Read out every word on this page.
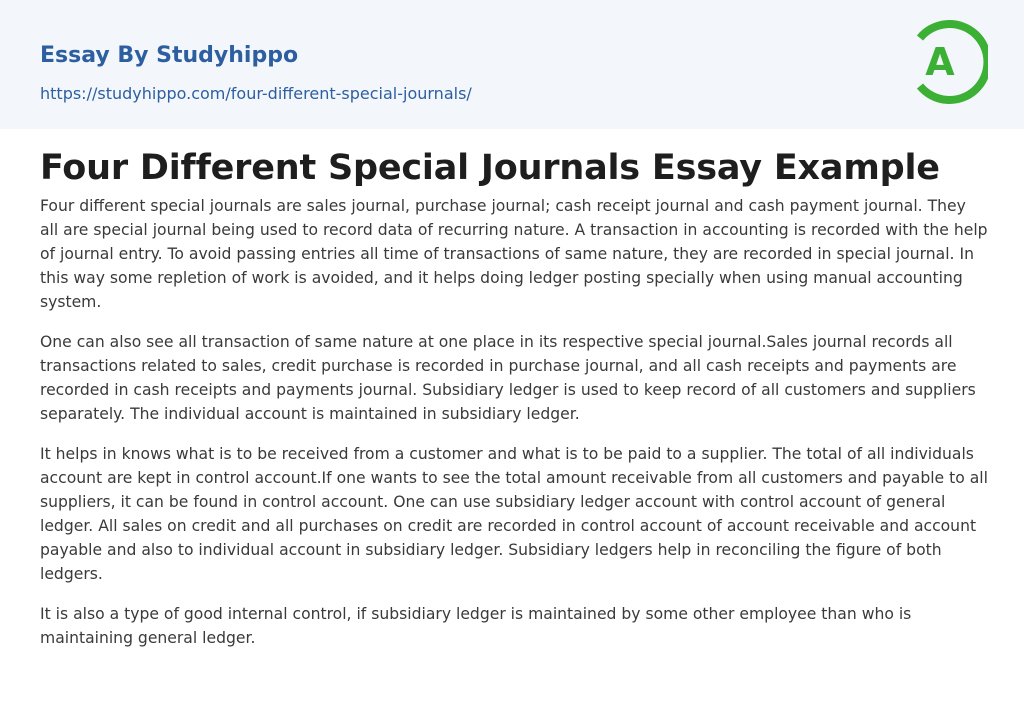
Essay By Studyhippo
https://studyhippo.com/four-different-special-journals/
A
Four Different Special Journals Essay Example

Four different special journals are sales journal, purchase journal; cash receipt journal and cash payment journal. They all are special journal being used to record data of recurring nature. A transaction in accounting is recorded with the help of journal entry. To avoid passing entries all time of transactions of same nature, they are recorded in special journal. In this way some repletion of work is avoided, and it helps doing ledger posting specially when using manual accounting system.

One can also see all transaction of same nature at one place in its respective special journal.Sales journal records all transactions related to sales, credit purchase is recorded in purchase journal, and all cash receipts and payments are recorded in cash receipts and payments journal. Subsidiary ledger is used to keep record of all customers and suppliers separately. The individual account is maintained in subsidiary ledger.

It helps in knows what is to be received from a customer and what is to be paid to a supplier. The total of all individuals account are kept in control account.If one wants to see the total amount receivable from all customers and payable to all suppliers, it can be found in control account. One can use subsidiary ledger account with control account of general ledger. All sales on credit and all purchases on credit are recorded in control account of account receivable and account payable and also to individual account in subsidiary ledger. Subsidiary ledgers help in reconciling the figure of both ledgers.

It is also a type of good internal control, if subsidiary ledger is maintained by some other employee than who is maintaining general ledger.
